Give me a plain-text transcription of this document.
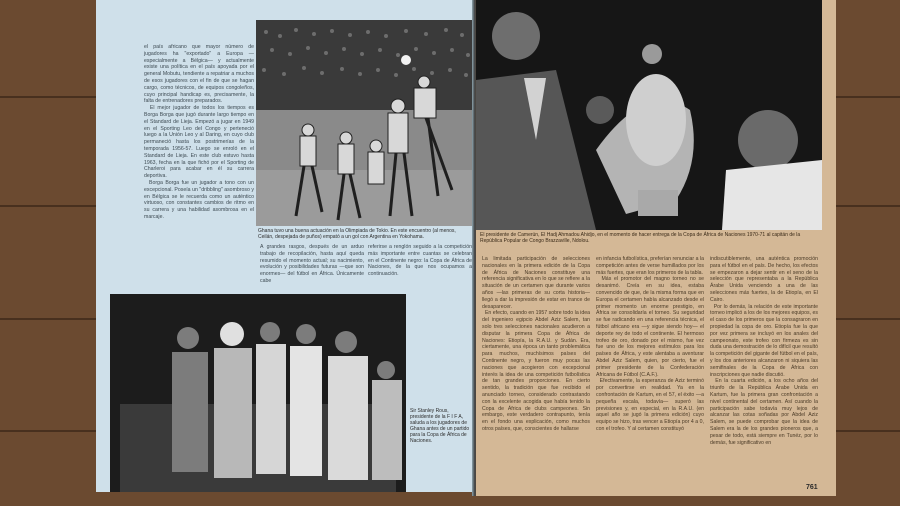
el país africano que mayor número de jugadores ha "exportado" a Europa —especialmente a Bélgica— y actualmente existe una política en el país apoyada por el general Mobutu, tendiente a repatriar a muchos de esos jugadores con el fin de que se hagan cargo, como técnicos, de equipos congoleños, cuyo principal handicap es, precisamente, la falta de entrenadores preparados.
El mejor jugador de todos los tiempos es Borga Borga que jugó durante largo tiempo en el Standard de Lieja. Empezó a jugar en 1949 en el Sporting Leo del Congo y perteneció luego a la Unión Leo y al Daring, en cuyo club permaneció hasta los postrimerías de la temporada 1956-57. Luego se enroló en el Standard de Lieja. En este club estuvo hasta 1963, fecha en la que fichó por el Sporting de Charleroi para acabar en él su carrera deportiva.
Borga Borga fue un jugador a tono con un excepcional. Poseía un "dribbling" asombroso y en Bélgica se le recuerda como un auténtico virtuoso, con constantes cambios de ritmo en su carrera y una habilidad asombrosa en el marcaje.
Ghana tuvo una buena actuación en la Olimpiada de Tokio. En este encuentro (al menos, Ceilán, despejada de puños) empató a un gol con Argentina en Yokohama.
A grandes rasgos, después de un arduo trabajo de recopilación, hasta aquí queda resumido el momento actual; su nacimiento, evolución y posibilidades futuras —que son enormes— del fútbol en África. Únicamente cabe
referirse a renglón seguido a la competición más importante entre cuantas se celebran en el Continente negro: la Copa de África de Naciones, de la que nos ocupamos a continuación.
Sir Stanley Rous, presidente de la F I F A, saluda a los jugadores de Ghana antes de un partido para la Copa de África de Naciones.
El presidente de Camerún, El Hadj Ahmadou Ahidjo, en el momento de hacer entrega de la Copa de África de Naciones 1970-71 al capitán de la República Popular de Congo Brazzaville, Ndolou.
La limitada participación de selecciones nacionales en la primera edición de la Copa de África de Naciones constituye una referencia significativa en lo que se refiere a la situación de un certamen que durante varios años —las primeras de su corta historia— llegó a dar la impresión de estar en trance de desaparecer.
En efecto, cuando en 1957 sobre todo la idea del ingeniero egipcio Abdel Aziz Salem, tan solo tres selecciones nacionales acudieron a disputar la primera Copa de África de Naciones: Etiopía, la R.A.U. y Sudán. Era, ciertamente, una época un tanto problemática para muchos, muchísimos países del Continente negro, y fueron muy pocas las naciones que acogieron con excepcional interés la idea de una competición futbolística de tan grandes proporciones. En cierto sentido, la tradición que fue recibido el anunciado torneo, considerado contrastando con la excelente acogida que había tenido la Copa de África de clubs campeones. Sin embargo, este verdadero contrapunto, tenía en el fondo una explicación, como muchos otros países, que, conscientes de hallarse
en infancia futbolística, preferían renunciar a la competición antes de verse humillados por los más fuertes, que eran los primeros de la tabla.
Más el promotor del magno torneo no se desanimó. Creía en su idea, estaba convencido de que, de la misma forma que en Europa el certamen había alcanzado desde el primer momento un enorme prestigio, en África se consolidaría el torneo. Su seguridad se fue radicando en una referencia técnica, el fútbol africano era —y sigue siendo hoy— el deporte rey de todo el continente. El hermoso trofeo de oro, donado por el mismo, fue vez fue uno de los mejores estímulos para los países de África, y este alentaba a aventurar Abdel Aziz Salem, quien, por cierto, fue el primer presidente de la Confederación Africana de Fútbol (C.A.F.).
Efectivamente, la esperanza de Aziz terminó por convertirse en realidad. Ya en la confrontación de Kartum, en el 57, el éxito —a pequeña escala, todavía— superó las previsiones y, en especial, en la R.A.U. (en aquel año se jugó la primera edición) cuyo equipo se hizo, tras vencer a Etiopía por 4 a 0, con el trofeo. Y al certamen constituyó
indiscutiblemente, una auténtica promoción para el fútbol en el país. De hecho, los efectos se empezaron a dejar sentir en el seno de la selección que representaba a la República Árabe Unida venciendo a una de las selecciones más fuertes, la de Etiopía, en El Cairo.
Por lo demás, la relación de este importante torneo implicó a los de los mejores equipos, es el caso de los primeros que la consagraron en propiedad la copa de oro. Etiopía fue la que por vez primera se incluyó en los anales del campeonato, este trofeo con firmeza es sin duda una demostración de lo difícil que resultó la competición del gigante del fútbol en el país, y los dos anteriores alcanzaron ni siquiera las semifinales de la Copa de África con inscripciones que nadie discutió.
En la cuarta edición, a los ocho años del triunfo de la República Árabe Unida en Kartum, fue la primera gran confrontación a nivel continental del certamen. Así cuando la participación sabe todavía muy lejos de alcanzar las cotas soñadas por Abdel Aziz Salem, se puede comprobar que la idea de Salem era la de los grandes pioneros que, a pesar de todo, está siempre en Tunéz, por lo demás, fue significativo en
761
